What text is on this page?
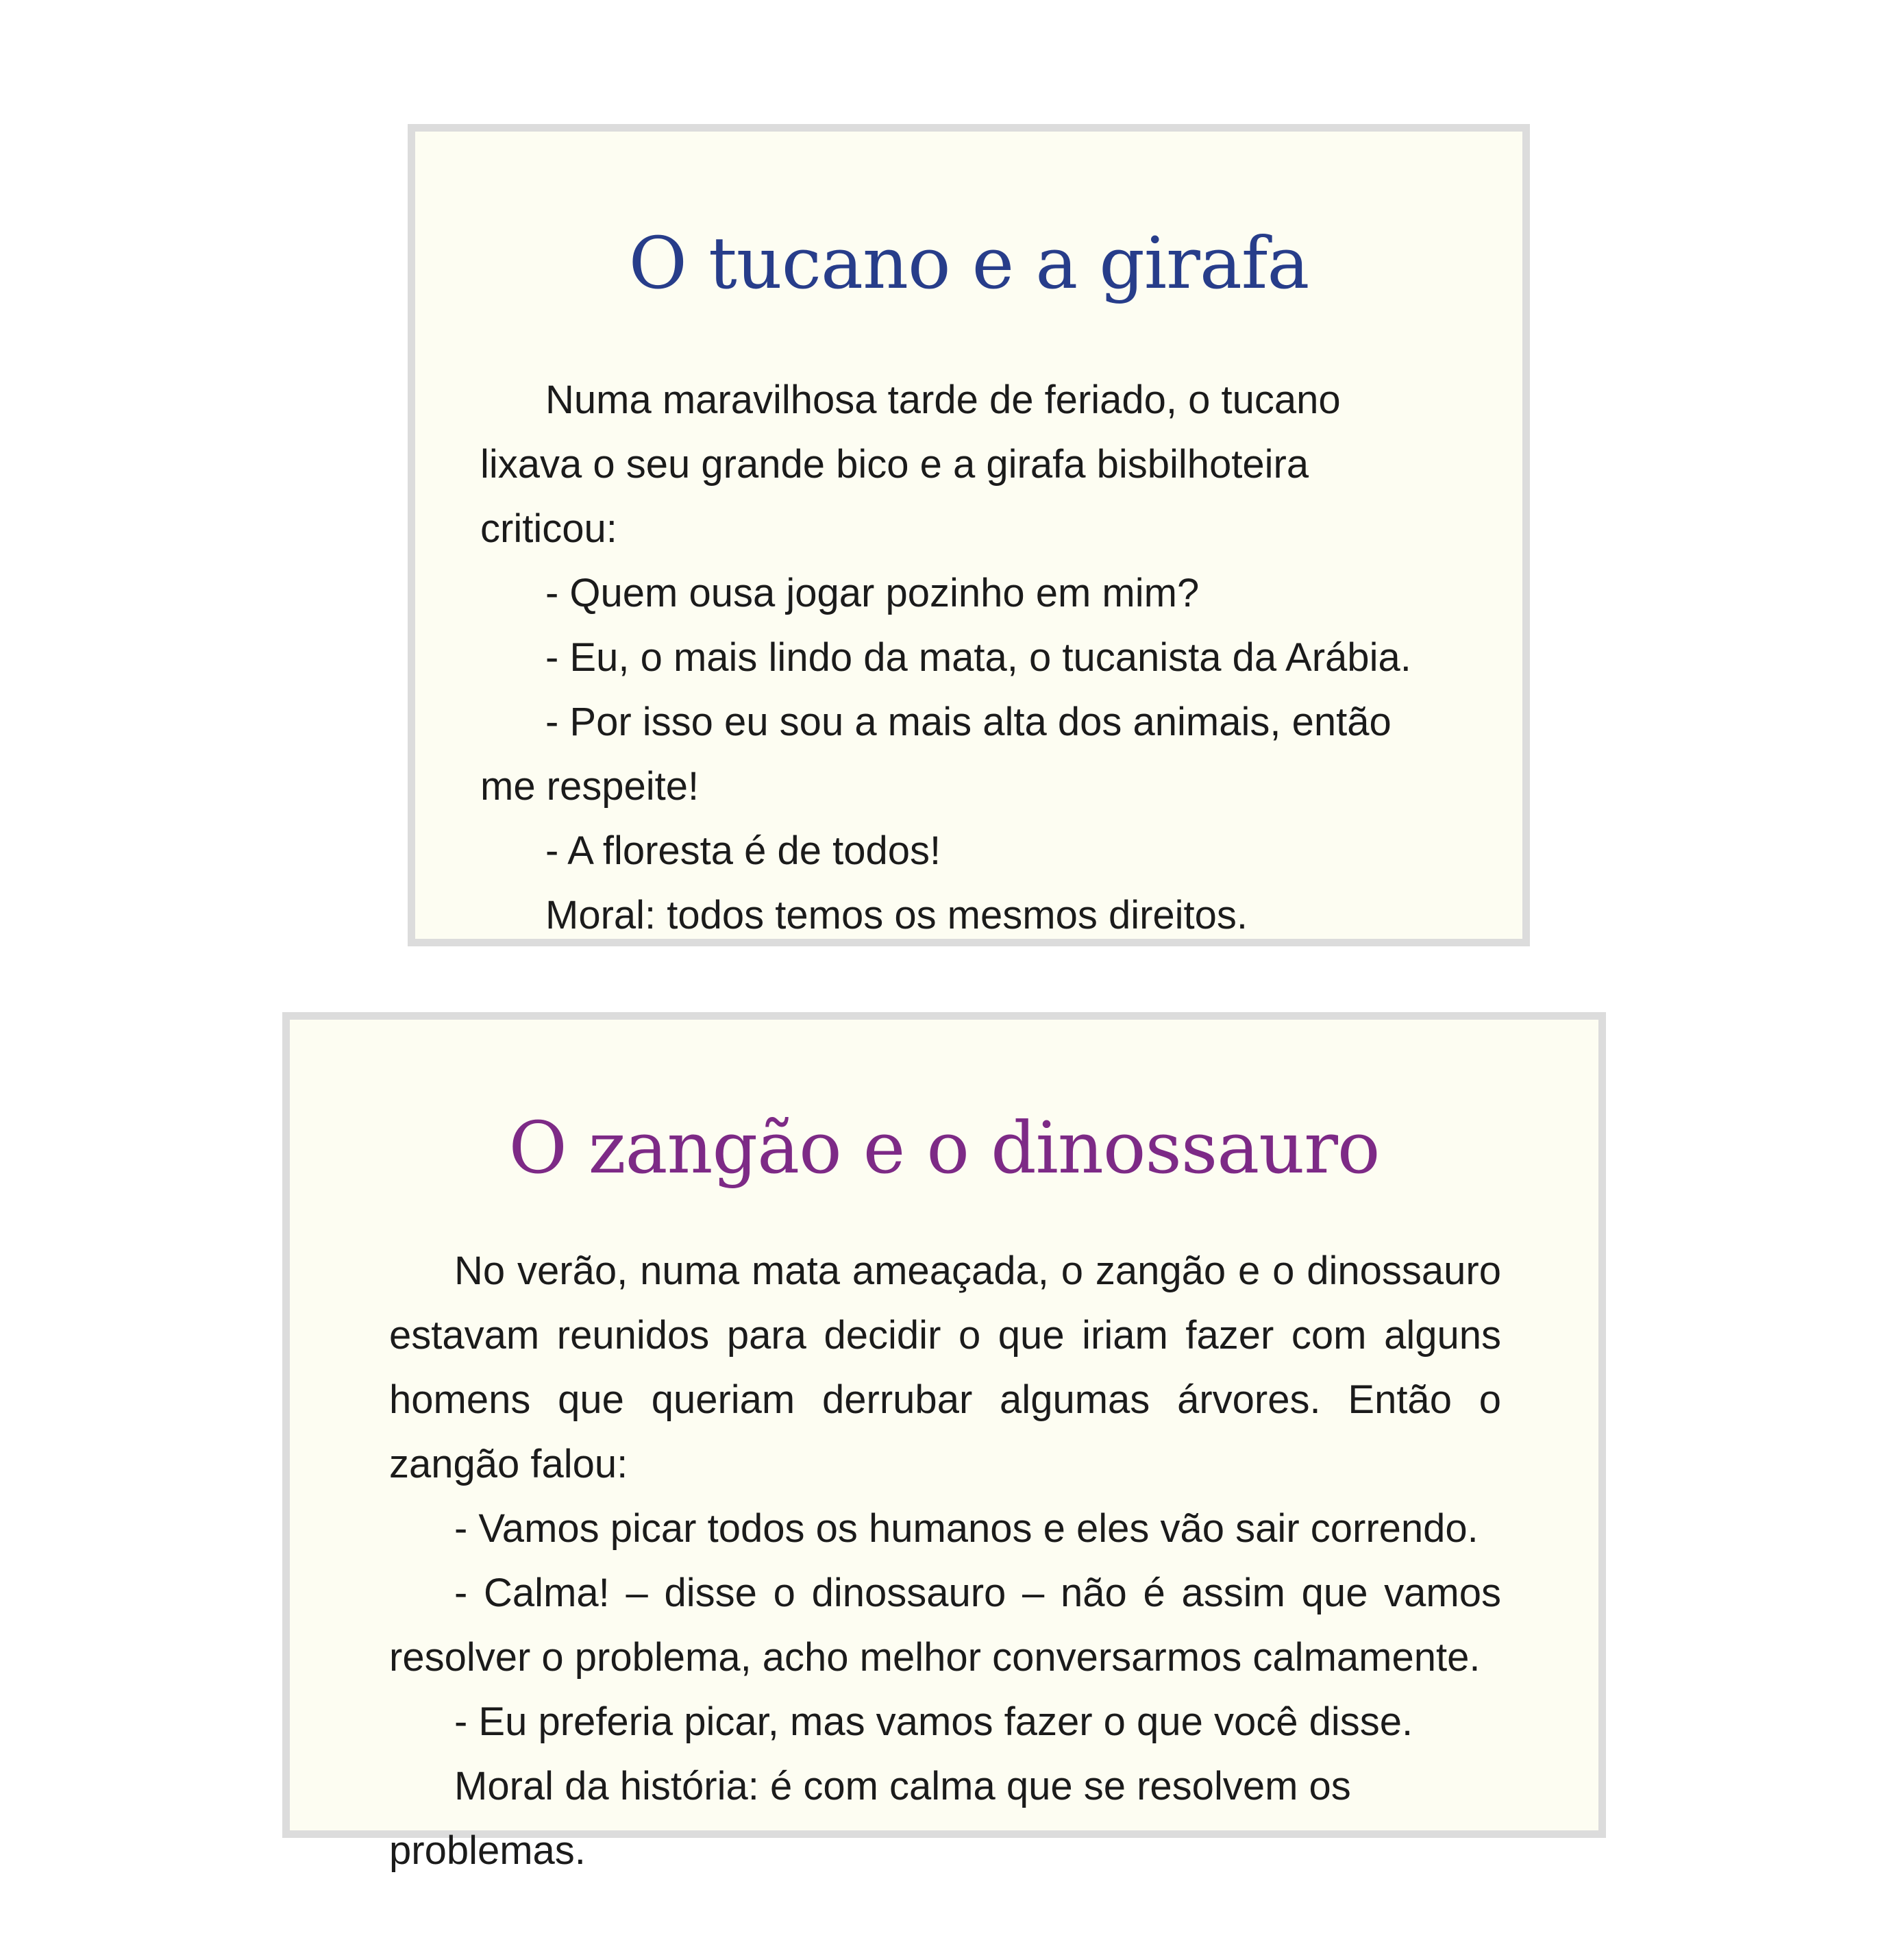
O tucano e a girafa

Numa maravilhosa tarde de feriado, o tucano lixava o seu grande bico e a girafa bisbilhoteira criticou:

- Quem ousa jogar pozinho em mim?

- Eu, o mais lindo da mata, o tucanista da Arábia.

- Por isso eu sou a mais alta dos animais, então me respeite!

- A floresta é de todos!

Moral: todos temos os mesmos direitos.

O zangão e o dinossauro

No verão, numa mata ameaçada, o zangão e o dinossauro estavam reunidos para decidir o que iriam fazer com alguns homens que queriam derrubar algumas árvores. Então o zangão falou:

- Vamos picar todos os humanos e eles vão sair correndo.

- Calma! – disse o dinossauro – não é assim que vamos resolver o problema, acho melhor conversarmos calmamente.

- Eu preferia picar, mas vamos fazer o que você disse.

Moral da história: é com calma que se resolvem os problemas.
